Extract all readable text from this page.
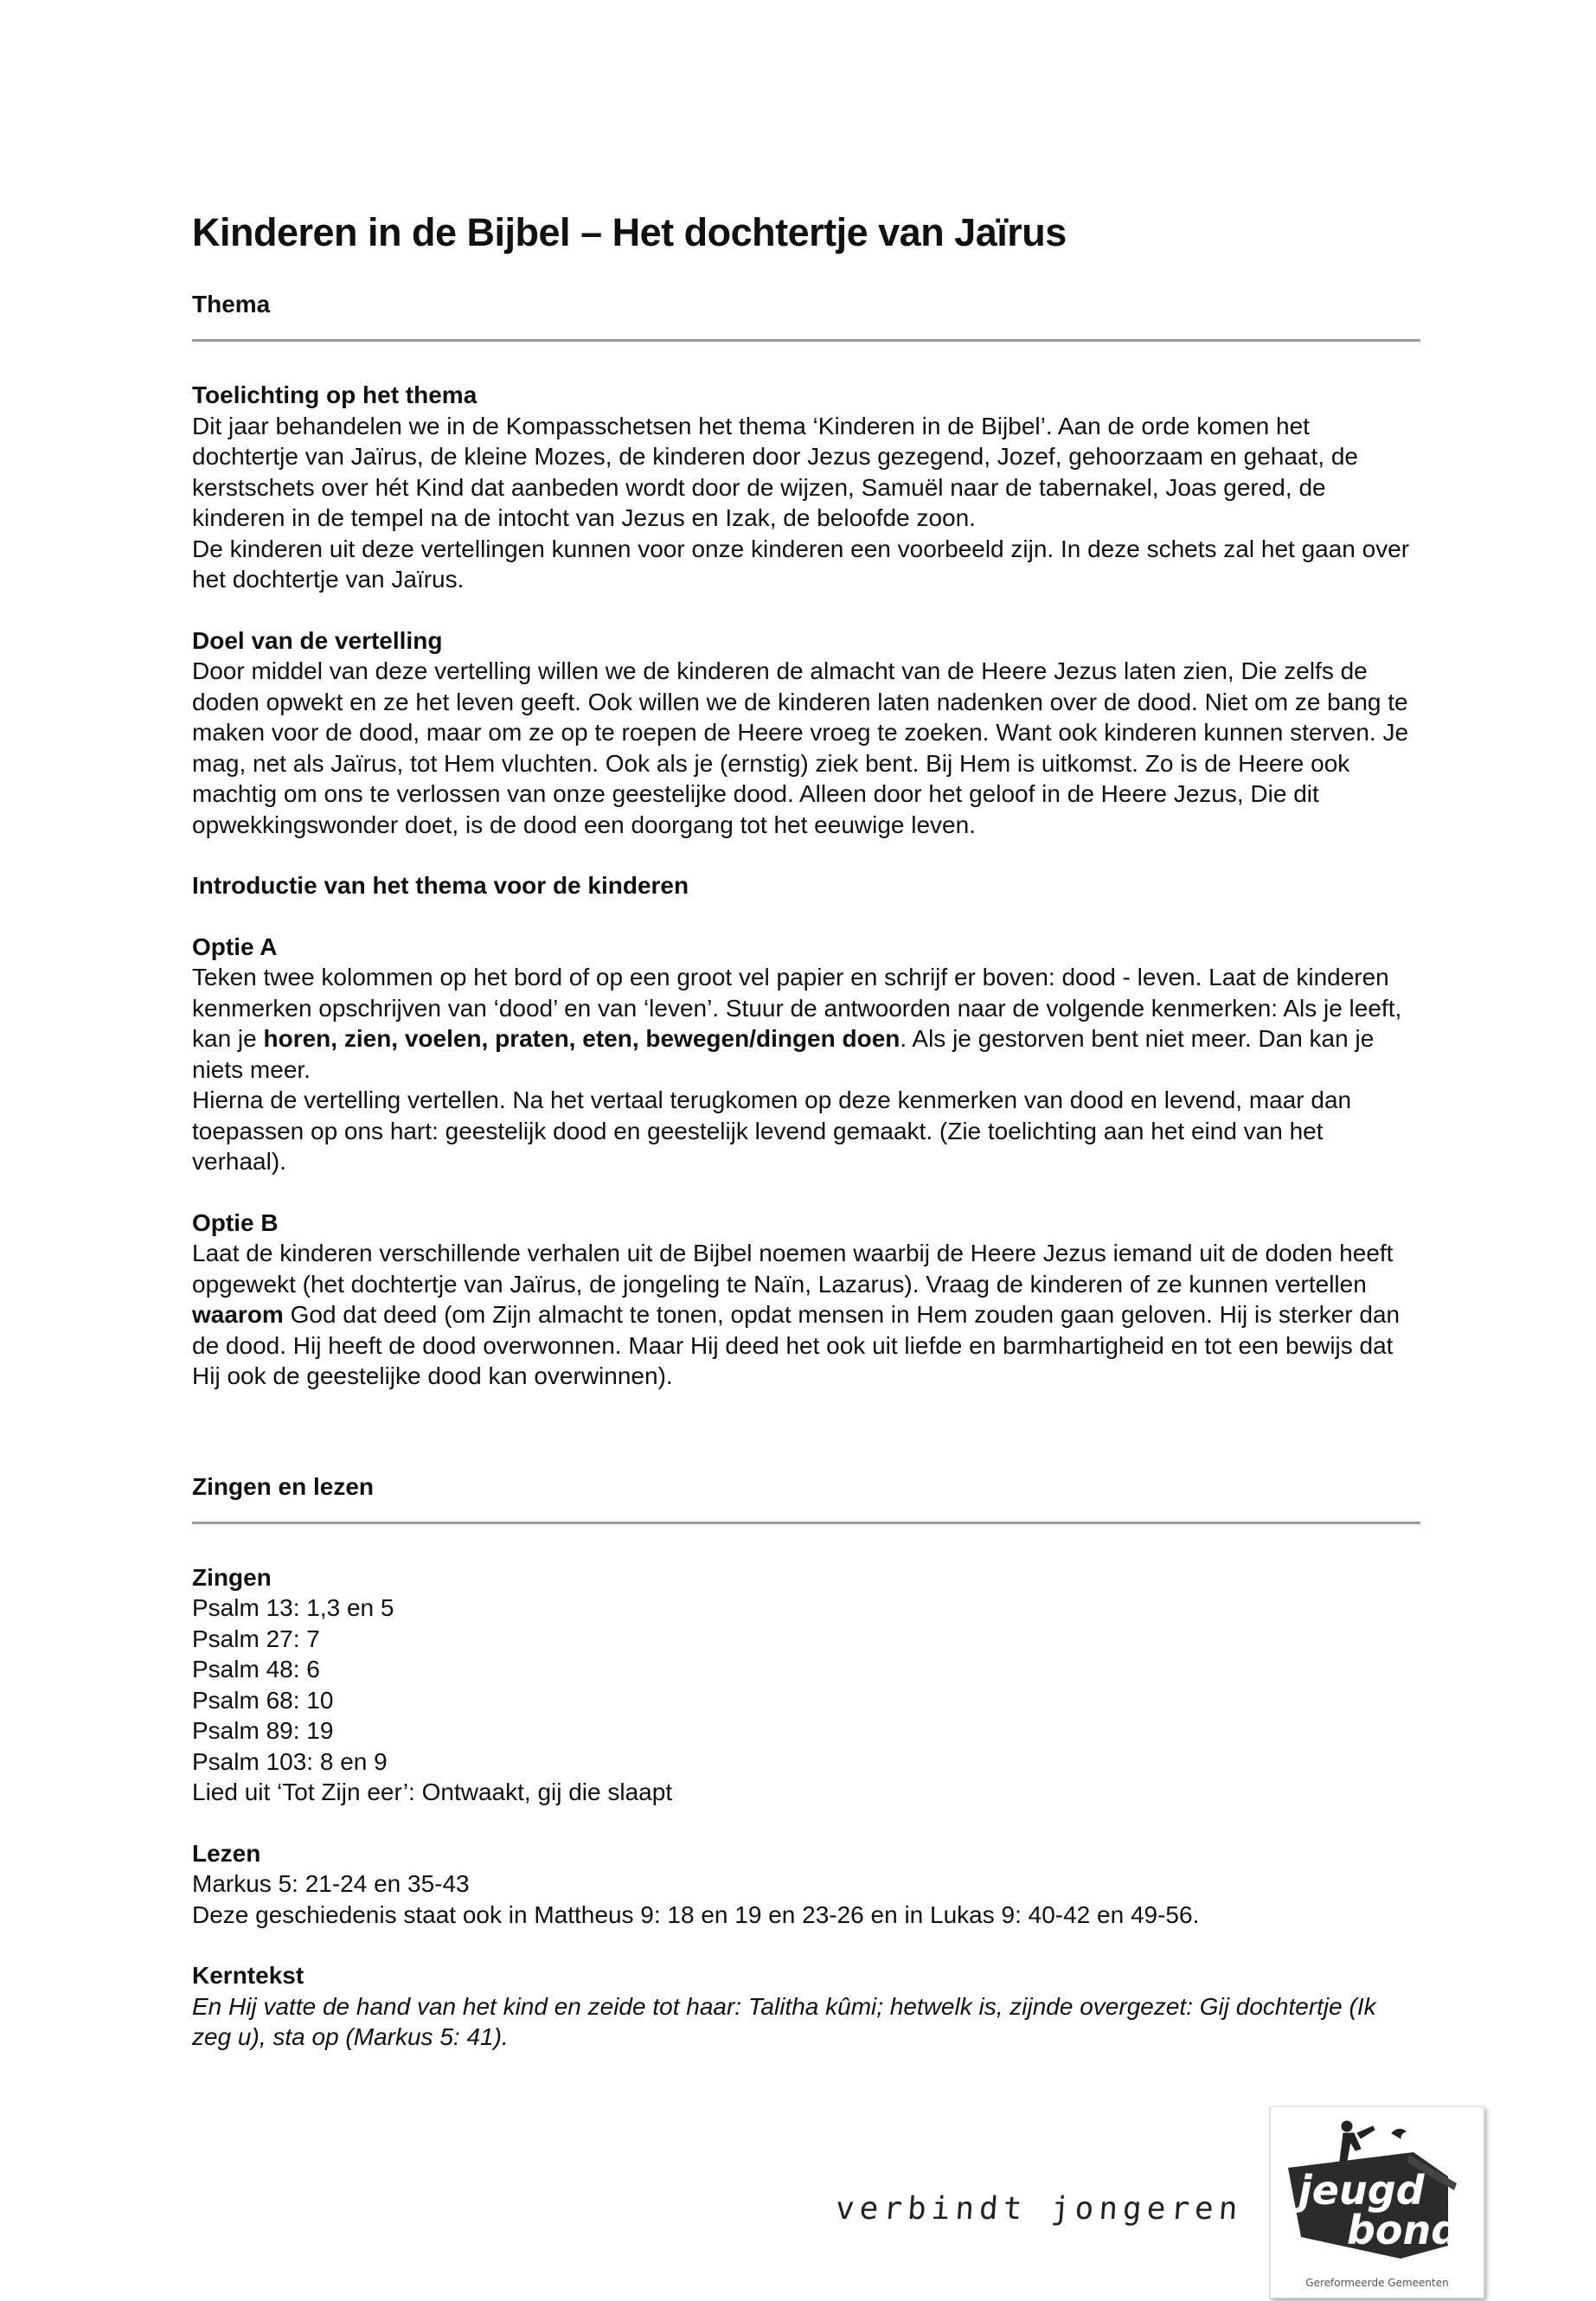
Kinderen in de Bijbel – Het dochtertje van Jaïrus
Thema
Toelichting op het thema

Dit jaar behandelen we in de Kompasschetsen het thema ‘Kinderen in de Bijbel’. Aan de orde komen het dochtertje van Jaïrus, de kleine Mozes, de kinderen door Jezus gezegend, Jozef, gehoorzaam en gehaat, de kerstschets over hét Kind dat aanbeden wordt door de wijzen, Samuël naar de tabernakel, Joas gered, de kinderen in de tempel na de intocht van Jezus en Izak, de beloofde zoon.

De kinderen uit deze vertellingen kunnen voor onze kinderen een voorbeeld zijn. In deze schets zal het gaan over het dochtertje van Jaïrus.

Doel van de vertelling

Door middel van deze vertelling willen we de kinderen de almacht van de Heere Jezus laten zien, Die zelfs de doden opwekt en ze het leven geeft. Ook willen we de kinderen laten nadenken over de dood. Niet om ze bang te maken voor de dood, maar om ze op te roepen de Heere vroeg te zoeken. Want ook kinderen kunnen sterven. Je mag, net als Jaïrus, tot Hem vluchten. Ook als je (ernstig) ziek bent. Bij Hem is uitkomst. Zo is de Heere ook machtig om ons te verlossen van onze geestelijke dood. Alleen door het geloof in de Heere Jezus, Die dit opwekkingswonder doet, is de dood een doorgang tot het eeuwige leven.

Introductie van het thema voor de kinderen
Optie A

Teken twee kolommen op het bord of op een groot vel papier en schrijf er boven: dood - leven. Laat de kinderen kenmerken opschrijven van ‘dood’ en van ‘leven’. Stuur de antwoorden naar de volgende kenmerken: Als je leeft, kan je horen, zien, voelen, praten, eten, bewegen/dingen doen. Als je gestorven bent niet meer. Dan kan je niets meer.

Hierna de vertelling vertellen. Na het vertaal terugkomen op deze kenmerken van dood en levend, maar dan toepassen op ons hart: geestelijk dood en geestelijk levend gemaakt. (Zie toelichting aan het eind van het verhaal).

Optie B

Laat de kinderen verschillende verhalen uit de Bijbel noemen waarbij de Heere Jezus iemand uit de doden heeft opgewekt (het dochtertje van Jaïrus, de jongeling te Naïn, Lazarus). Vraag de kinderen of ze kunnen vertellen waarom God dat deed (om Zijn almacht te tonen, opdat mensen in Hem zouden gaan geloven. Hij is sterker dan de dood. Hij heeft de dood overwonnen. Maar Hij deed het ook uit liefde en barmhartigheid en tot een bewijs dat Hij ook de geestelijke dood kan overwinnen).

Zingen en lezen
Zingen
Psalm 13: 1,3 en 5
Psalm 27: 7
Psalm 48: 6
Psalm 68: 10
Psalm 89: 19
Psalm 103: 8 en 9
Lied uit ‘Tot Zijn eer’: Ontwaakt, gij die slaapt
Lezen
Markus 5: 21-24 en 35-43
Deze geschiedenis staat ook in Mattheus 9: 18 en 19 en 23-26 en in Lukas 9: 40-42 en 49-56.
Kerntekst

En Hij vatte de hand van het kind en zeide tot haar: Talitha kûmi; hetwelk is, zijnde overgezet: Gij dochtertje (Ik zeg u), sta op (Markus 5: 41).

verbindt jongeren jeugd
bond
Gereformeerde Gemeenten
